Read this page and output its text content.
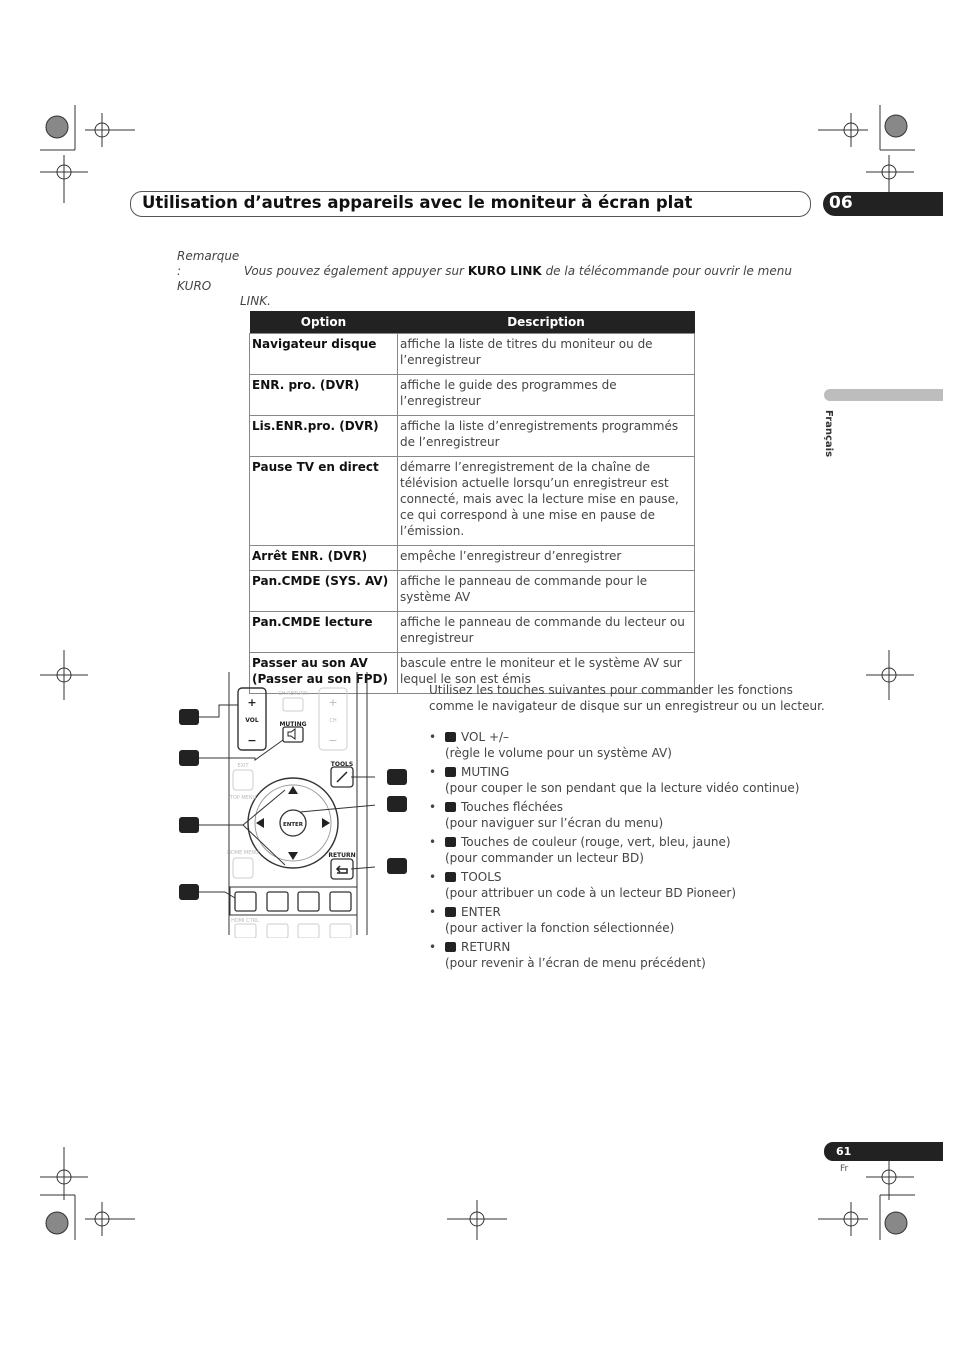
Utilisation d’autres appareils avec le moniteur à écran plat	06
Français
Remarque :	Vous pouvez également appuyer sur KURO LINK de la télécommande pour ouvrir le menu KURO
LINK.
Option	Description
Navigateur disque	affiche la liste de titres du moniteur ou de l’enregistreur
ENR. pro. (DVR)	affiche le guide des programmes de l’enregistreur
Lis.ENR.pro. (DVR)	affiche la liste d’enregistrements programmés de l’enregistreur
Pause TV en direct	démarre l’enregistrement de la chaîne de télévision actuelle lorsqu’un enregistreur est connecté, mais avec la lecture mise en pause, ce qui correspond à une mise en pause de l’émission.
Arrêt ENR. (DVR)	empêche l’enregistreur d’enregistrer
Pan.CMDE (SYS. AV)	affiche le panneau de commande pour le système AV
Pan.CMDE lecture	affiche le panneau de commande du lecteur ou enregistreur
Passer au son AV (Passer au son FPD)	bascule entre le moniteur et le système AV sur lequel le son est émis
+
−
VOL
MUTING
TOOLS
ENTER
RETURN
CH RETURN
CH
+
−
EXIT
TOP MENU
HOME MENU
HDMI CTRL
Utilisez les touches suivantes pour commander les fonctions comme le navigateur de disque sur un enregistreur ou un lecteur.
• VOL +/–
(règle le volume pour un système AV)
• MUTING
(pour couper le son pendant que la lecture vidéo continue)
• Touches fléchées
(pour naviguer sur l’écran du menu)
• Touches de couleur (rouge, vert, bleu, jaune)
(pour commander un lecteur BD)
• TOOLS
(pour attribuer un code à un lecteur BD Pioneer)
• ENTER
(pour activer la fonction sélectionnée)
• RETURN
(pour revenir à l’écran de menu précédent)
61
Fr
